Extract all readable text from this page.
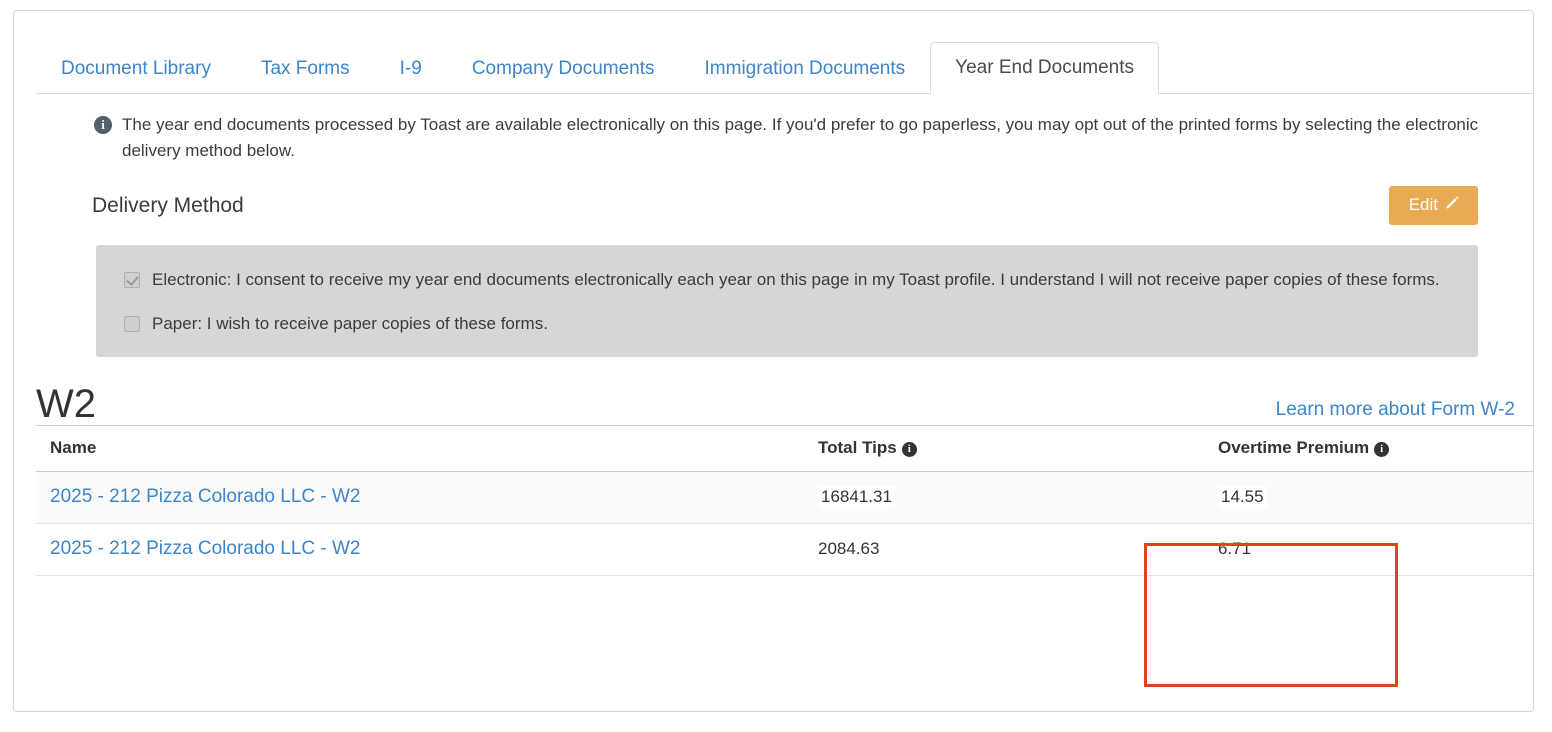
Document Library	Tax Forms	I-9	Company Documents	Immigration Documents	Year End Documents
i	The year end documents processed by Toast are available electronically on this page. If you'd prefer to go paperless, you may opt out of the printed forms by selecting the electronic delivery method below.
Delivery Method	Edit
Electronic: I consent to receive my year end documents electronically each year on this page in my Toast profile. I understand I will not receive paper copies of these forms.
Paper: I wish to receive paper copies of these forms.
W2	Learn more about Form W-2
Name	Total Tips i	Overtime Premium i	
2025 - 212 Pizza Colorado LLC - W2	16841.31	14.55	
2025 - 212 Pizza Colorado LLC - W2	2084.63	6.71	
